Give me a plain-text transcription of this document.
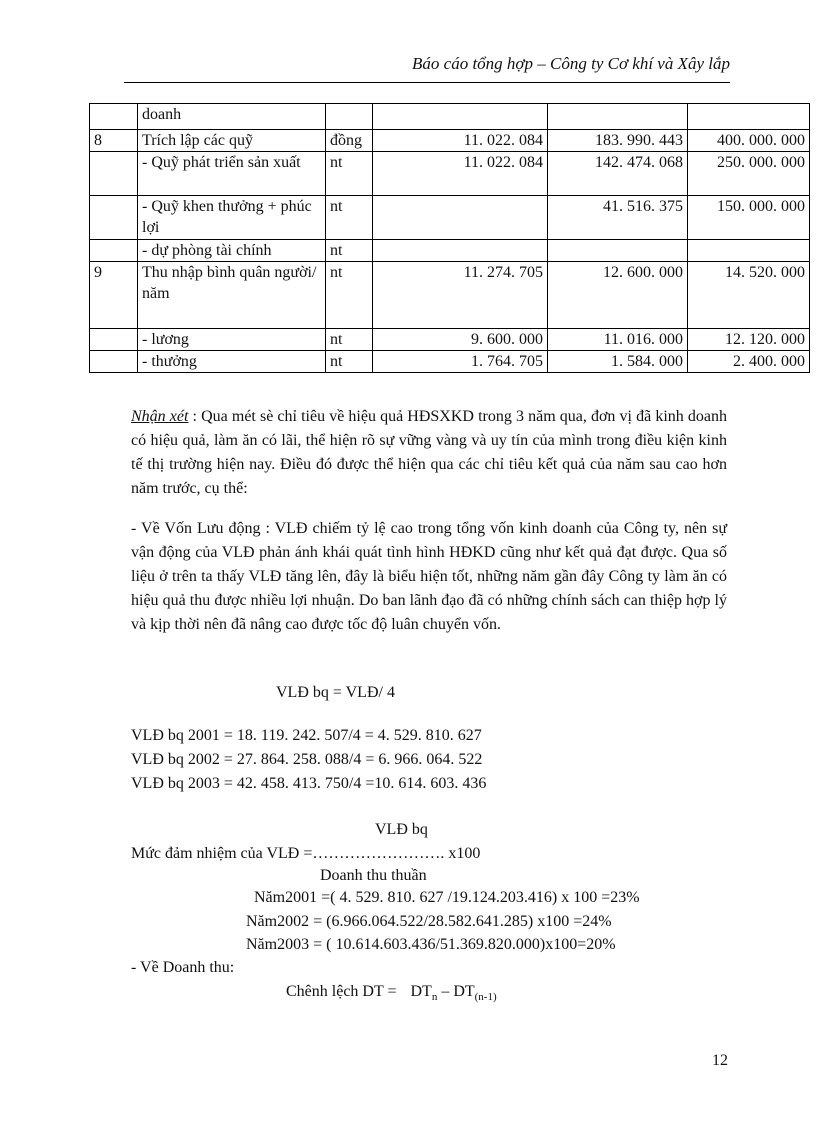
Báo cáo tổng hợp – Công ty Cơ khí và Xây lắp
	doanh				
8	Trích lập các quỹ	đồng	11. 022. 084	183. 990. 443	400. 000. 000
	- Quỹ phát triển sản xuất	nt	11. 022. 084	142. 474. 068	250. 000. 000
	- Quỹ khen thưởng + phúc lợi	nt		41. 516. 375	150. 000. 000
	- dự phòng tài chính	nt			
9	Thu nhập bình quân người/ năm	nt	11. 274. 705	12. 600. 000	14. 520. 000
	- lương	nt	9. 600. 000	11. 016. 000	12. 120. 000
	- thưởng	nt	1. 764. 705	1. 584. 000	2. 400. 000
Nhận xét : Qua mét sè chỉ tiêu về hiệu quả HĐSXKD trong 3 năm qua, đơn vị đã kinh doanh có hiệu quả, làm ăn có lãi, thể hiện rõ sự vững vàng và uy tín của mình trong điều kiện kinh tế thị trường hiện nay. Điều đó được thể hiện qua các chỉ tiêu kết quả của năm sau cao hơn năm trước, cụ thể:
- Về Vốn Lưu động : VLĐ chiếm tỷ lệ cao trong tổng vốn kinh doanh của Công ty, nên sự vận động của VLĐ phản ánh khái quát tình hình HĐKD cũng như kết quả đạt được. Qua số liệu ở trên ta thấy VLĐ tăng lên, đây là biểu hiện tốt, những năm gần đây Công ty làm ăn có hiệu quả thu được nhiều lợi nhuận. Do ban lãnh đạo đã có những chính sách can thiệp hợp lý và kịp thời nên đã nâng cao được tốc độ luân chuyển vốn.
VLĐ bq = VLĐ/ 4
VLĐ bq 2001 = 18. 119. 242. 507/4 = 4. 529. 810. 627
VLĐ bq 2002 = 27. 864. 258. 088/4 = 6. 966. 064. 522
VLĐ bq 2003 = 42. 458. 413. 750/4 =10. 614. 603. 436
VLĐ bq
Mức đảm nhiệm của VLĐ =……………………. x100
Doanh thu thuần
Năm2001 =( 4. 529. 810. 627 /19.124.203.416) x 100 =23%
Năm2002 = (6.966.064.522/28.582.641.285) x100 =24%
Năm2003 = ( 10.614.603.436/51.369.820.000)x100=20%
- Về Doanh thu:
Chênh lệch DT = $DT_n - DT_{(n-1)}$
12
